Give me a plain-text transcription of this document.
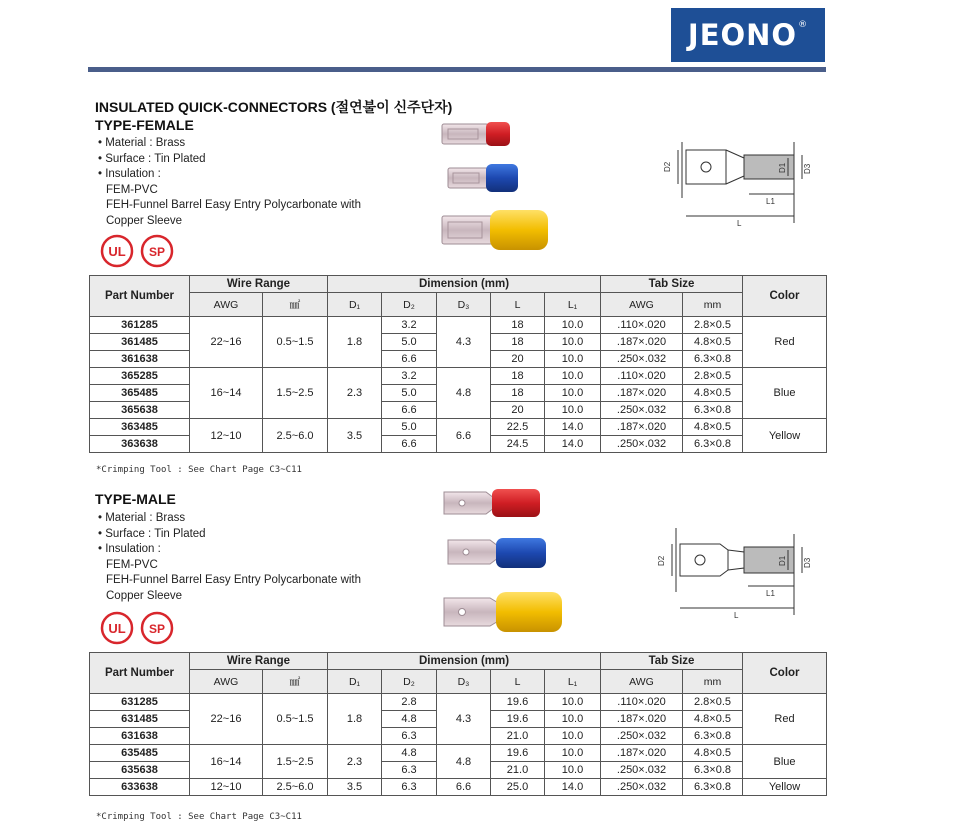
JEONO®
INSULATED QUICK-CONNECTORS (절연불이 신주단자)
TYPE-FEMALE
• Material : Brass
• Surface : Tin Plated
• Insulation :
FEM-PVC
FEH-Funnel Barrel Easy Entry Polycarbonate with
Copper Sleeve
UL SP
D2	D1 D3
L1
L
Part Number	Wire Range		Dimension (mm)					Tab Size		Color
	AWG	㎟	D₁	D₂	D₃	L	L₁	AWG	mm	
361285	22~16	0.5~1.5	1.8	3.2	4.3	18	10.0	.110×.020	2.8×0.5	Red
361485				5.0		18	10.0	.187×.020	4.8×0.5	
361638				6.6		20	10.0	.250×.032	6.3×0.8	
365285	16~14	1.5~2.5	2.3	3.2	4.8	18	10.0	.110×.020	2.8×0.5	Blue
365485				5.0		18	10.0	.187×.020	4.8×0.5	
365638				6.6		20	10.0	.250×.032	6.3×0.8	
363485	12~10	2.5~6.0	3.5	5.0	6.6	22.5	14.0	.187×.020	4.8×0.5	Yellow
363638				6.6		24.5	14.0	.250×.032	6.3×0.8	
*Crimping Tool : See Chart Page C3~C11
TYPE-MALE
• Material : Brass
• Surface : Tin Plated
• Insulation :
FEM-PVC
FEH-Funnel Barrel Easy Entry Polycarbonate with
Copper Sleeve
UL SP
D2	D1 D3
L1
L
Part Number	Wire Range		Dimension (mm)					Tab Size		Color
	AWG	㎟	D₁	D₂	D₃	L	L₁	AWG	mm	
631285	22~16	0.5~1.5	1.8	2.8	4.3	19.6	10.0	.110×.020	2.8×0.5	Red
631485				4.8		19.6	10.0	.187×.020	4.8×0.5	
631638				6.3		21.0	10.0	.250×.032	6.3×0.8	
635485	16~14	1.5~2.5	2.3	4.8	4.8	19.6	10.0	.187×.020	4.8×0.5	Blue
635638				6.3		21.0	10.0	.250×.032	6.3×0.8	
633638	12~10	2.5~6.0	3.5	6.3	6.6	25.0	14.0	.250×.032	6.3×0.8	Yellow
*Crimping Tool : See Chart Page C3~C11
